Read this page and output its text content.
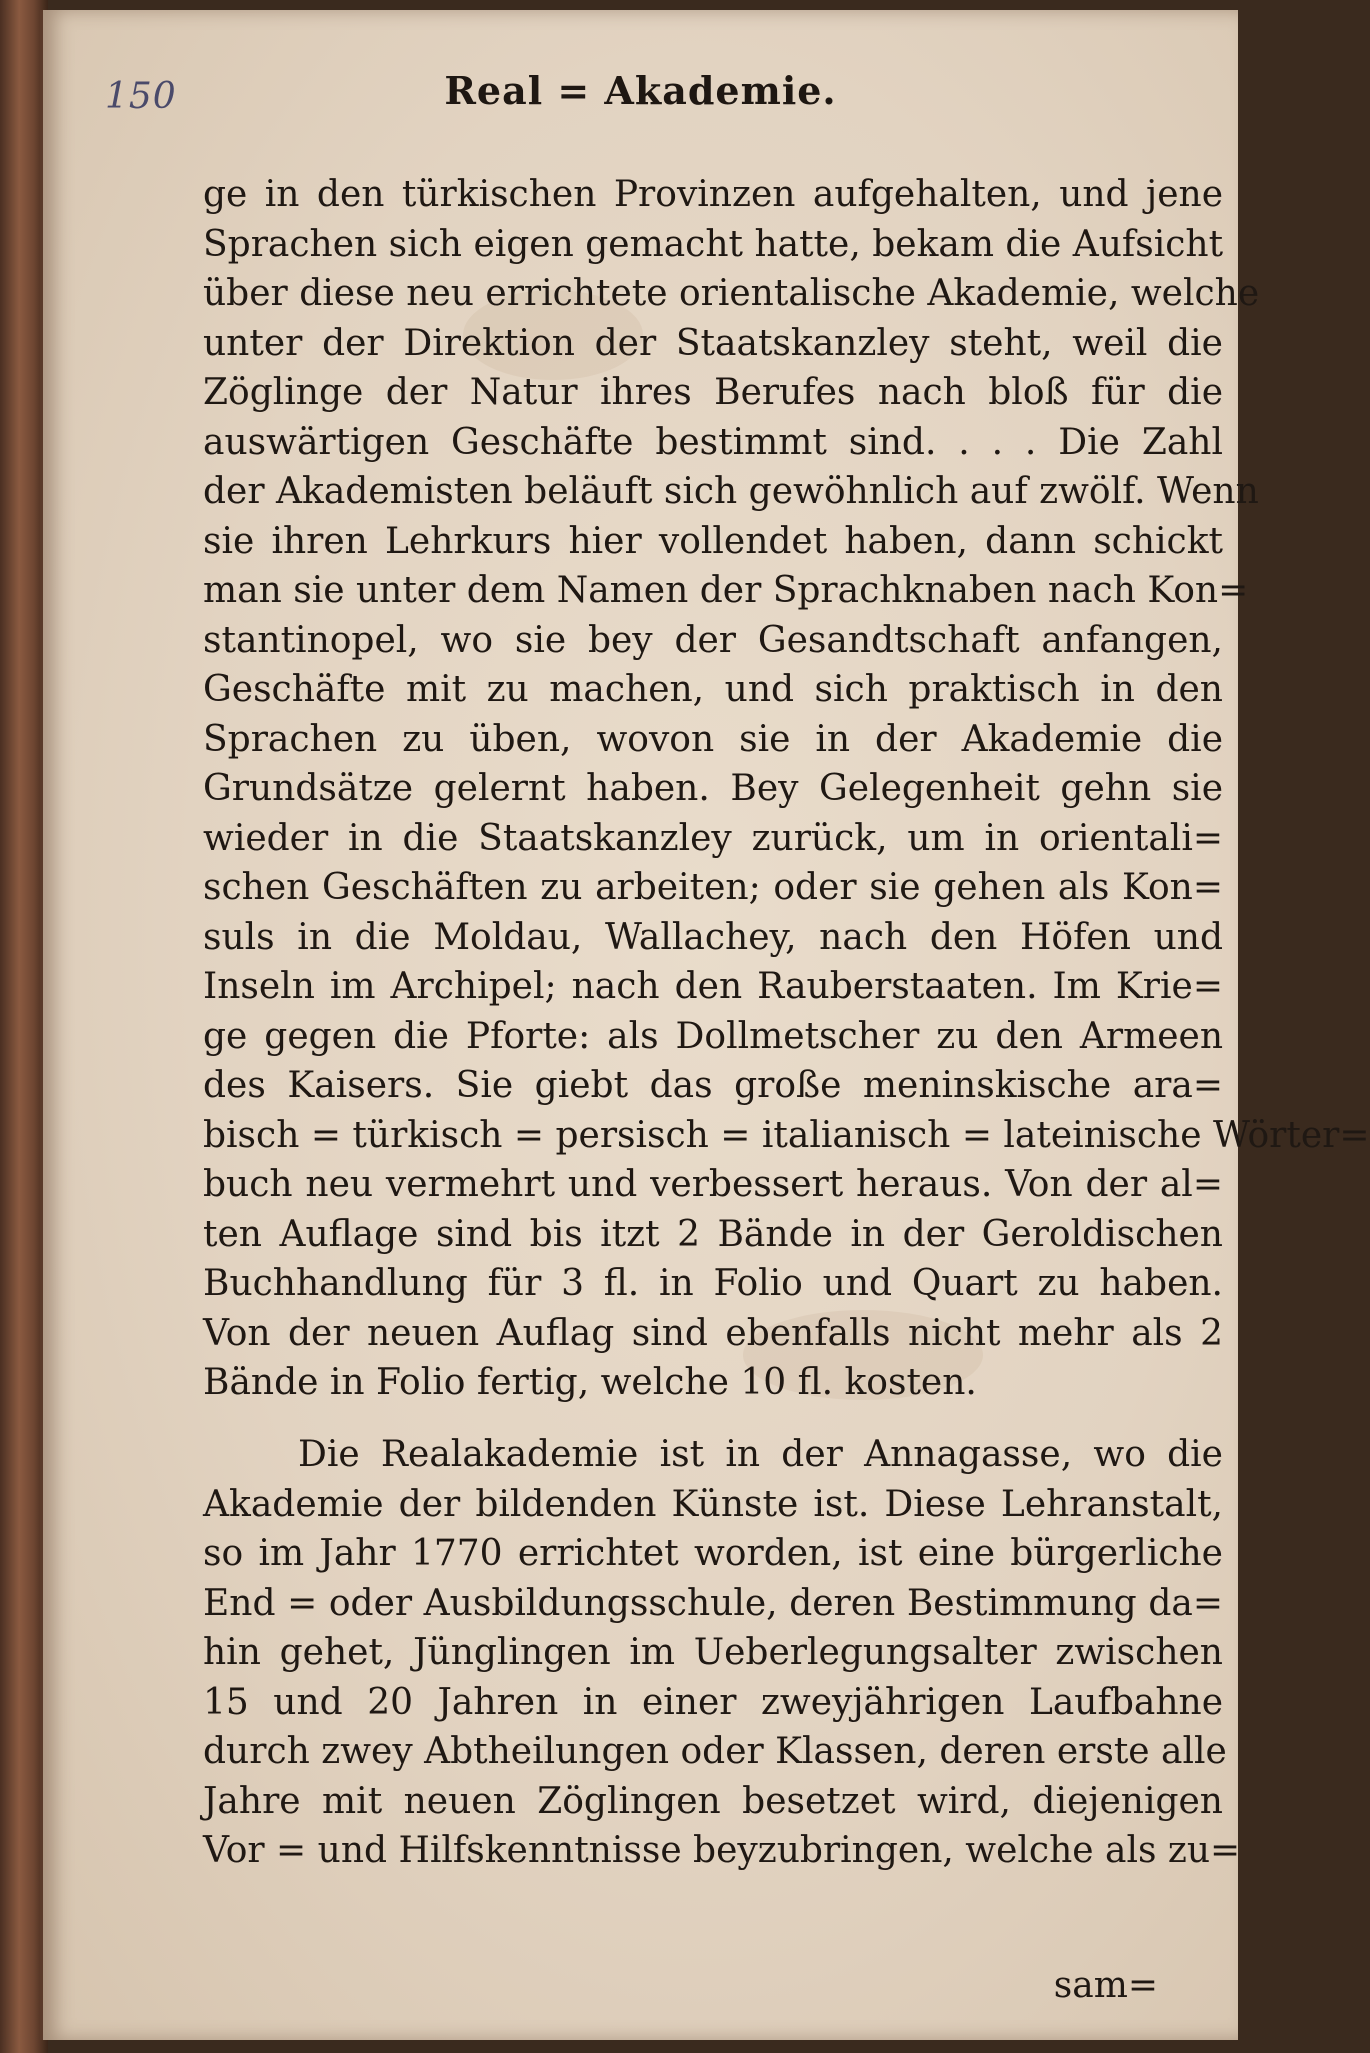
150	Real = Akademie.
ge in den türkischen Provinzen aufgehalten, und jene
Sprachen sich eigen gemacht hatte, bekam die Aufsicht
über diese neu errichtete orientalische Akademie, welche
unter der Direktion der Staatskanzley steht, weil die
Zöglinge der Natur ihres Berufes nach bloß für die
auswärtigen Geschäfte bestimmt sind. . . . Die Zahl
der Akademisten beläuft sich gewöhnlich auf zwölf. Wenn
sie ihren Lehrkurs hier vollendet haben, dann schickt
man sie unter dem Namen der Sprachknaben nach Kon=
stantinopel, wo sie bey der Gesandtschaft anfangen,
Geschäfte mit zu machen, und sich praktisch in den
Sprachen zu üben, wovon sie in der Akademie die
Grundsätze gelernt haben. Bey Gelegenheit gehn sie
wieder in die Staatskanzley zurück, um in orientali=
schen Geschäften zu arbeiten; oder sie gehen als Kon=
suls in die Moldau, Wallachey, nach den Höfen und
Inseln im Archipel; nach den Rauberstaaten. Im Krie=
ge gegen die Pforte: als Dollmetscher zu den Armeen
des Kaisers. Sie giebt das große meninskische ara=
bisch = türkisch = persisch = italianisch = lateinische Wörter=
buch neu vermehrt und verbessert heraus. Von der al=
ten Auflage sind bis itzt 2 Bände in der Geroldischen
Buchhandlung für 3 fl. in Folio und Quart zu haben.
Von der neuen Auflag sind ebenfalls nicht mehr als 2
Bände in Folio fertig, welche 10 fl. kosten.
Die Realakademie ist in der Annagasse, wo die
Akademie der bildenden Künste ist. Diese Lehranstalt,
so im Jahr 1770 errichtet worden, ist eine bürgerliche
End = oder Ausbildungsschule, deren Bestimmung da=
hin gehet, Jünglingen im Ueberlegungsalter zwischen
15 und 20 Jahren in einer zweyjährigen Laufbahne
durch zwey Abtheilungen oder Klassen, deren erste alle
Jahre mit neuen Zöglingen besetzet wird, diejenigen
Vor = und Hilfskenntnisse beyzubringen, welche als zu=
sam=
